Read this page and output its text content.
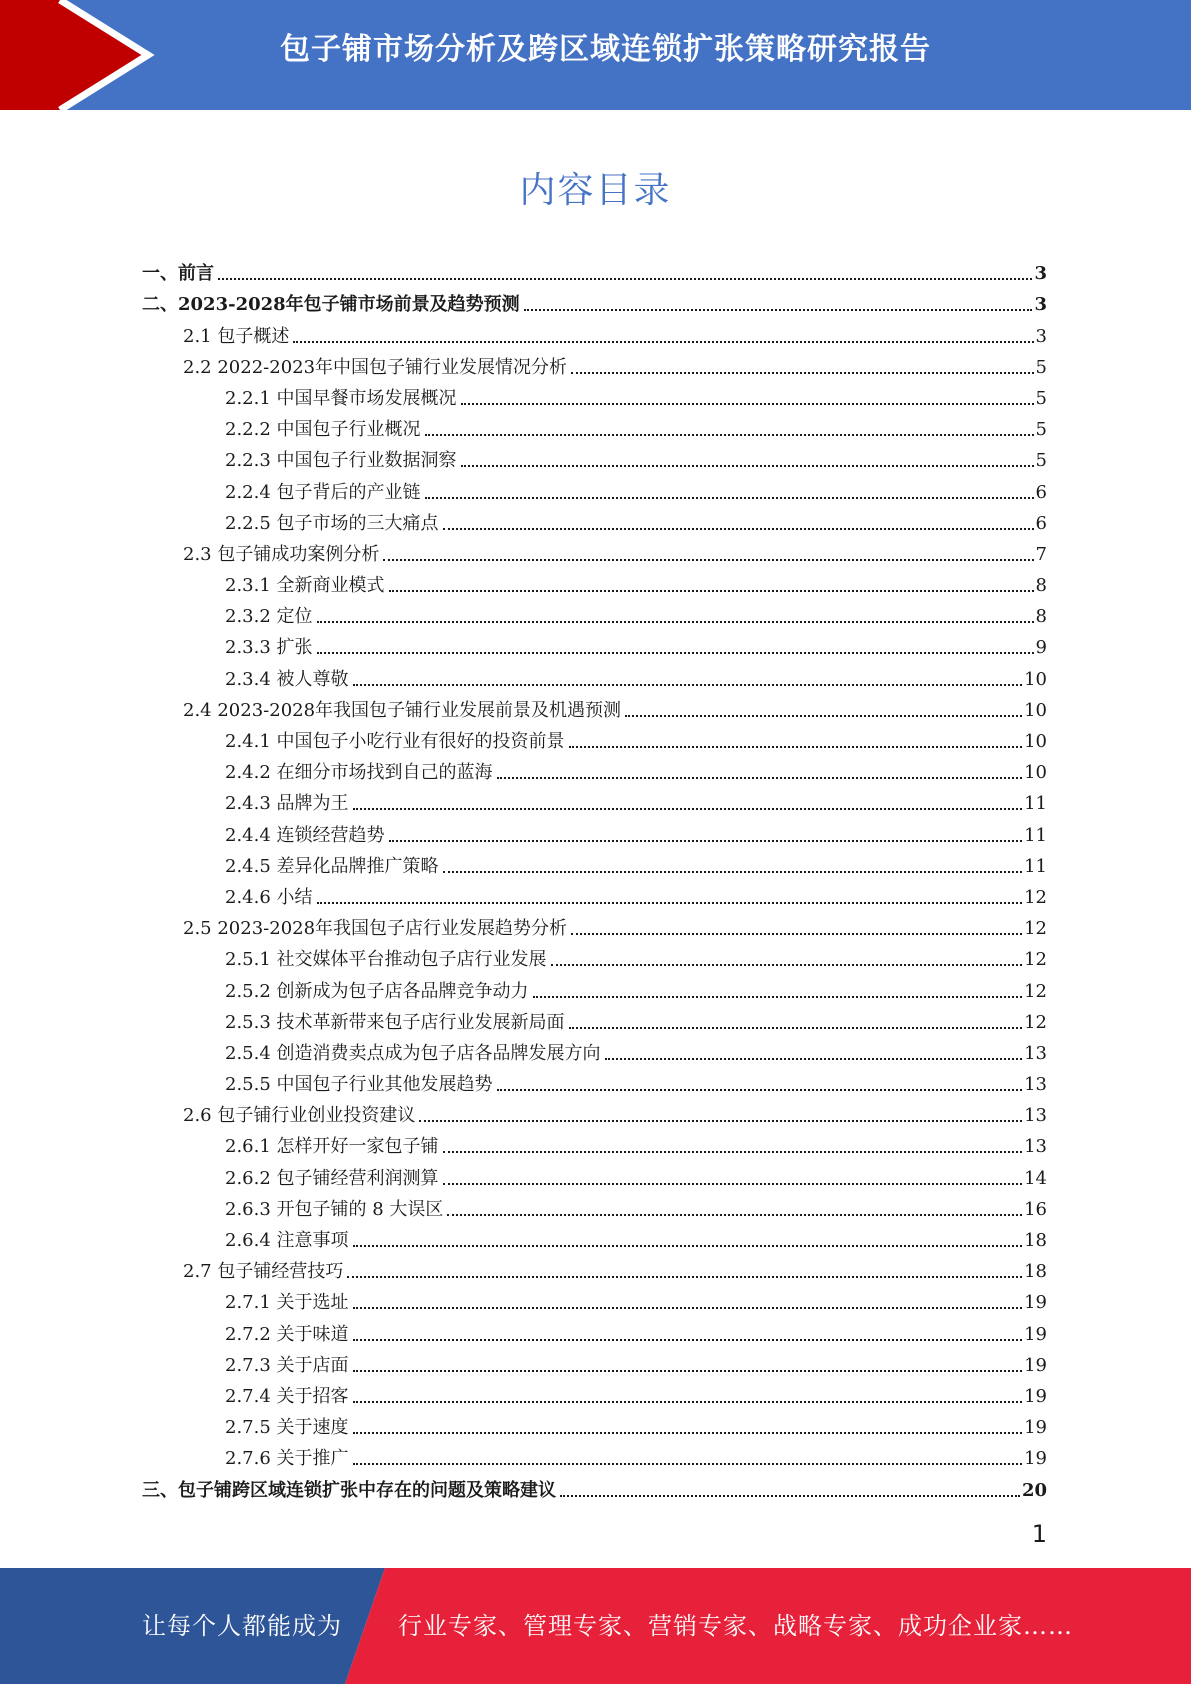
包子铺市场分析及跨区域连锁扩张策略研究报告
内容目录
一、前言	3
二、2023-2028年包子铺市场前景及趋势预测	3
2.1 包子概述	3
2.2 2022-2023年中国包子铺行业发展情况分析	5
2.2.1 中国早餐市场发展概况	5
2.2.2 中国包子行业概况	5
2.2.3 中国包子行业数据洞察	5
2.2.4 包子背后的产业链	6
2.2.5 包子市场的三大痛点	6
2.3 包子铺成功案例分析	7
2.3.1 全新商业模式	8
2.3.2 定位	8
2.3.3 扩张	9
2.3.4 被人尊敬	10
2.4 2023-2028年我国包子铺行业发展前景及机遇预测	10
2.4.1 中国包子小吃行业有很好的投资前景	10
2.4.2 在细分市场找到自己的蓝海	10
2.4.3 品牌为王	11
2.4.4 连锁经营趋势	11
2.4.5 差异化品牌推广策略	11
2.4.6 小结	12
2.5 2023-2028年我国包子店行业发展趋势分析	12
2.5.1 社交媒体平台推动包子店行业发展	12
2.5.2 创新成为包子店各品牌竞争动力	12
2.5.3 技术革新带来包子店行业发展新局面	12
2.5.4 创造消费卖点成为包子店各品牌发展方向	13
2.5.5 中国包子行业其他发展趋势	13
2.6 包子铺行业创业投资建议	13
2.6.1 怎样开好一家包子铺	13
2.6.2 包子铺经营利润测算	14
2.6.3 开包子铺的 8 大误区	16
2.6.4 注意事项	18
2.7 包子铺经营技巧	18
2.7.1 关于选址	19
2.7.2 关于味道	19
2.7.3 关于店面	19
2.7.4 关于招客	19
2.7.5 关于速度	19
2.7.6 关于推广	19
三、包子铺跨区域连锁扩张中存在的问题及策略建议	20
1
让每个人都能成为 行业专家、管理专家、营销专家、战略专家、成功企业家……
